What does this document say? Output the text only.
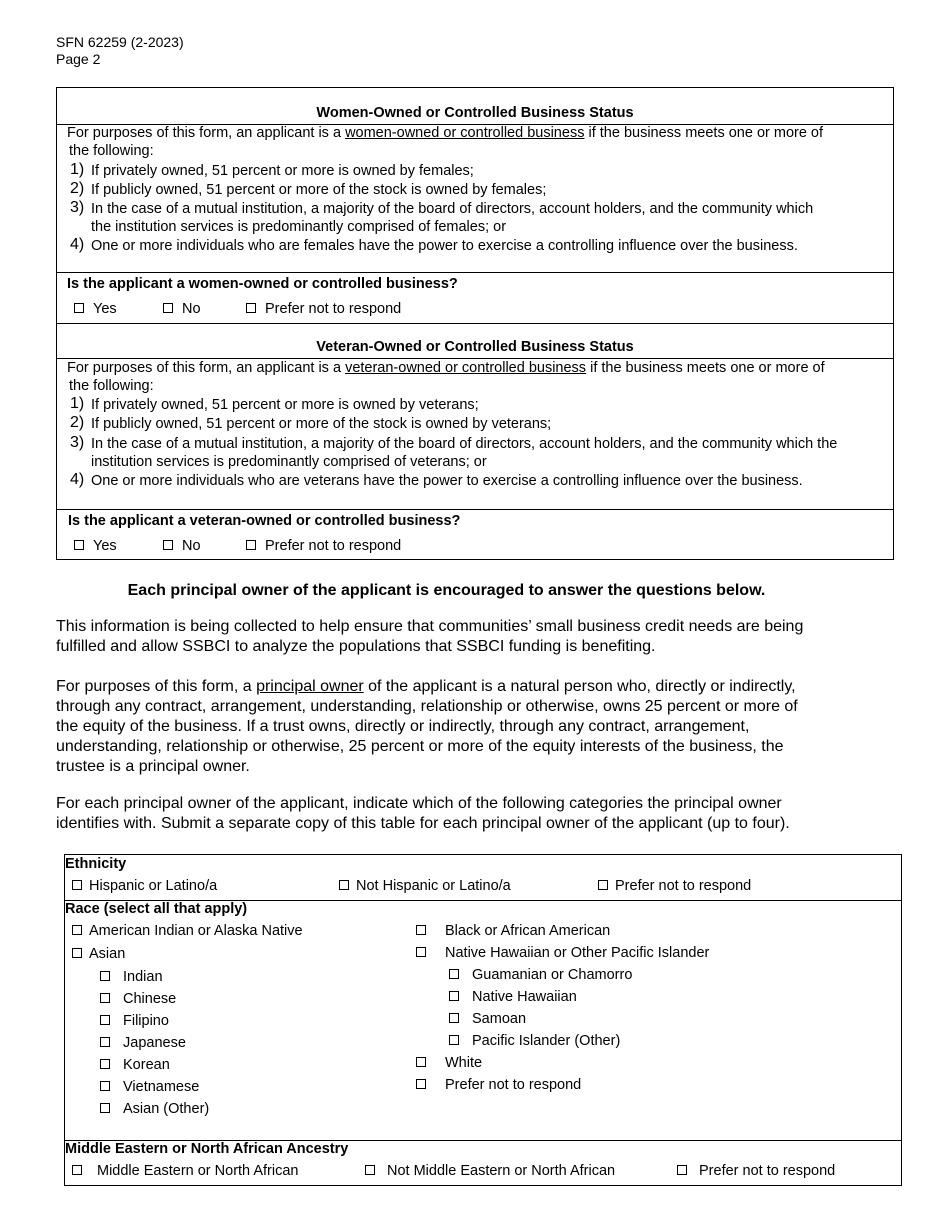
SFN 62259 (2-2023)
Page 2
Women-Owned or Controlled Business Status
For purposes of this form, an applicant is a women-owned or controlled business if the business meets one or more of
the following:
1) If privately owned, 51 percent or more is owned by females;
2) If publicly owned, 51 percent or more of the stock is owned by females;
3) In the case of a mutual institution, a majority of the board of directors, account holders, and the community which
the institution services is predominantly comprised of females; or
4) One or more individuals who are females have the power to exercise a controlling influence over the business.
Is the applicant a women-owned or controlled business?
Yes	No	Prefer not to respond
Veteran-Owned or Controlled Business Status
For purposes of this form, an applicant is a veteran-owned or controlled business if the business meets one or more of
the following:
1) If privately owned, 51 percent or more is owned by veterans;
2) If publicly owned, 51 percent or more of the stock is owned by veterans;
3) In the case of a mutual institution, a majority of the board of directors, account holders, and the community which the
institution services is predominantly comprised of veterans; or
4) One or more individuals who are veterans have the power to exercise a controlling influence over the business.
Is the applicant a veteran-owned or controlled business?
Yes	No	Prefer not to respond
Each principal owner of the applicant is encouraged to answer the questions below.
This information is being collected to help ensure that communities’ small business credit needs are being
fulfilled and allow SSBCI to analyze the populations that SSBCI funding is benefiting.
For purposes of this form, a principal owner of the applicant is a natural person who, directly or indirectly,
through any contract, arrangement, understanding, relationship or otherwise, owns 25 percent or more of
the equity of the business. If a trust owns, directly or indirectly, through any contract, arrangement,
understanding, relationship or otherwise, 25 percent or more of the equity interests of the business, the
trustee is a principal owner.
For each principal owner of the applicant, indicate which of the following categories the principal owner
identifies with. Submit a separate copy of this table for each principal owner of the applicant (up to four).
Ethnicity
Hispanic or Latino/a	Not Hispanic or Latino/a	Prefer not to respond
Race (select all that apply)
American Indian or Alaska Native
Asian
Indian
Chinese
Filipino
Japanese
Korean
Vietnamese
Asian (Other)
Black or African American
Native Hawaiian or Other Pacific Islander
Guamanian or Chamorro
Native Hawaiian
Samoan
Pacific Islander (Other)
White
Prefer not to respond
Middle Eastern or North African Ancestry
Middle Eastern or North African	Not Middle Eastern or North African	Prefer not to respond
